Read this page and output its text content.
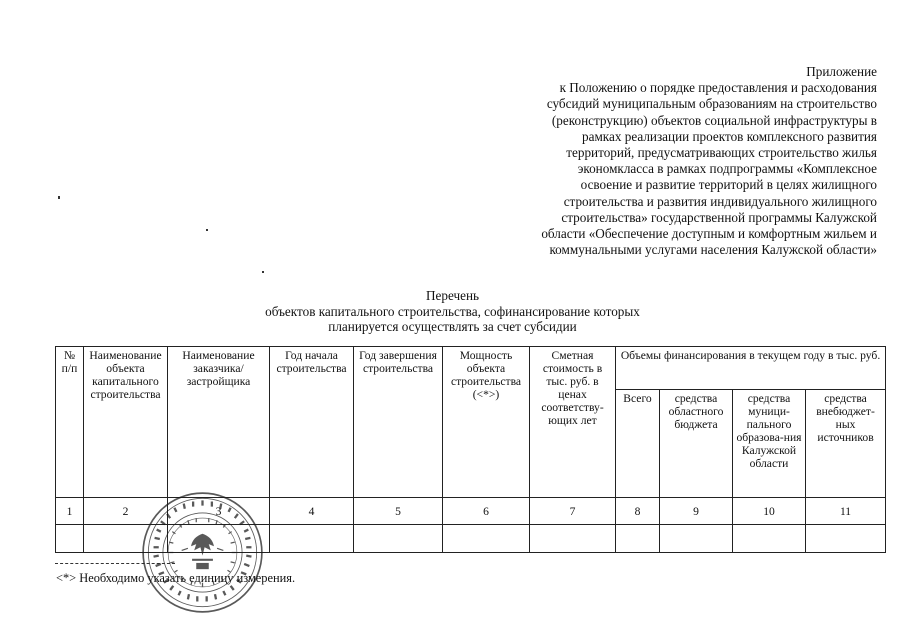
Приложение

к Положению о порядке предоставления и расходования

субсидий муниципальным образованиям на строительство

(реконструкцию) объектов социальной инфраструктуры в

рамках реализации проектов комплексного развития

территорий, предусматривающих строительство жилья

экономкласса в рамках подпрограммы «Комплексное

освоение и развитие территорий в целях жилищного

строительства и развития индивидуального жилищного

строительства» государственной программы Калужской

области «Обеспечение доступным и комфортным жильем и

коммунальными услугами населения Калужской области»

Перечень
объектов капитального строительства, софинансирование которых
планируется осуществлять за счет субсидии
№ п/п	Наименование объекта капитального строительства	Наименование заказчика/ застройщика	Год начала строительства	Год завершения строительства	Мощность объекта строительства (<*>)	Сметная стоимость в тыс. руб. в ценах соответству-ющих лет	Объемы финансирования в текущем году в тыс. руб.			
							Всего	средства областного бюджета	средства муници-пального образова-ния Калужской области	средства внебюджет-ных источников
1	2	3	4	5	6	7	8	9	10	11

<*> Необходимо указать единицу измерения.
